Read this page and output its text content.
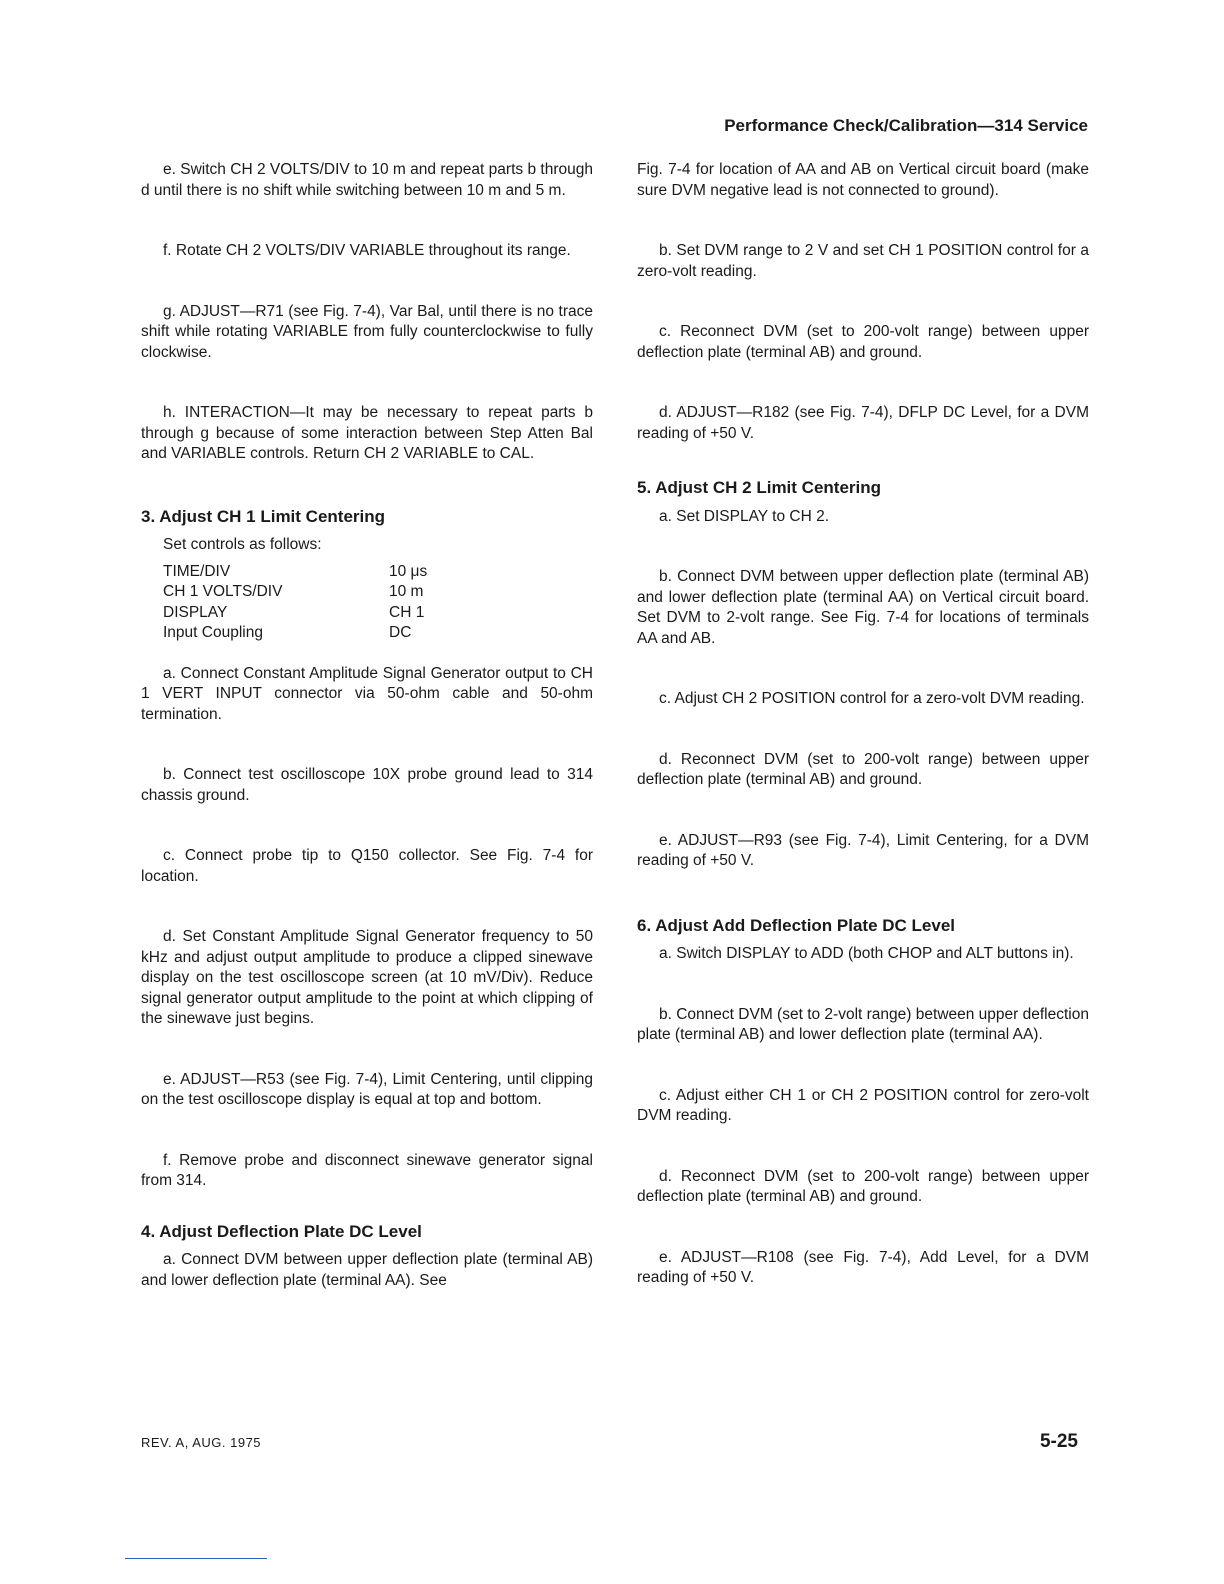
Performance Check/Calibration—314 Service

e. Switch CH 2 VOLTS/DIV to 10 m and repeat parts b through d until there is no shift while switching between 10 m and 5 m.

f. Rotate CH 2 VOLTS/DIV VARIABLE throughout its range.

g. ADJUST—R71 (see Fig. 7-4), Var Bal, until there is no trace shift while rotating VARIABLE from fully counterclockwise to fully clockwise.

h. INTERACTION—It may be necessary to repeat parts b through g because of some interaction between Step Atten Bal and VARIABLE controls. Return CH 2 VARIABLE to CAL.

3. Adjust CH 1 Limit Centering

Set controls as follows:

TIME/DIV	10 μs
CH 1 VOLTS/DIV	10 m
DISPLAY	CH 1
Input Coupling	DC

a. Connect Constant Amplitude Signal Generator output to CH 1 VERT INPUT connector via 50-ohm cable and 50-ohm termination.

b. Connect test oscilloscope 10X probe ground lead to 314 chassis ground.

c. Connect probe tip to Q150 collector. See Fig. 7-4 for location.

d. Set Constant Amplitude Signal Generator frequency to 50 kHz and adjust output amplitude to produce a clipped sinewave display on the test oscilloscope screen (at 10 mV/Div). Reduce signal generator output amplitude to the point at which clipping of the sinewave just begins.

e. ADJUST—R53 (see Fig. 7-4), Limit Centering, until clipping on the test oscilloscope display is equal at top and bottom.

f. Remove probe and disconnect sinewave generator signal from 314.

4. Adjust Deflection Plate DC Level

a. Connect DVM between upper deflection plate (terminal AB) and lower deflection plate (terminal AA). See

Fig. 7-4 for location of AA and AB on Vertical circuit board (make sure DVM negative lead is not connected to ground).

b. Set DVM range to 2 V and set CH 1 POSITION control for a zero-volt reading.

c. Reconnect DVM (set to 200-volt range) between upper deflection plate (terminal AB) and ground.

d. ADJUST—R182 (see Fig. 7-4), DFLP DC Level, for a DVM reading of +50 V.

5. Adjust CH 2 Limit Centering

a. Set DISPLAY to CH 2.

b. Connect DVM between upper deflection plate (terminal AB) and lower deflection plate (terminal AA) on Vertical circuit board. Set DVM to 2-volt range. See Fig. 7-4 for locations of terminals AA and AB.

c. Adjust CH 2 POSITION control for a zero-volt DVM reading.

d. Reconnect DVM (set to 200-volt range) between upper deflection plate (terminal AB) and ground.

e. ADJUST—R93 (see Fig. 7-4), Limit Centering, for a DVM reading of +50 V.

6. Adjust Add Deflection Plate DC Level

a. Switch DISPLAY to ADD (both CHOP and ALT buttons in).

b. Connect DVM (set to 2-volt range) between upper deflection plate (terminal AB) and lower deflection plate (terminal AA).

c. Adjust either CH 1 or CH 2 POSITION control for zero-volt DVM reading.

d. Reconnect DVM (set to 200-volt range) between upper deflection plate (terminal AB) and ground.

e. ADJUST—R108 (see Fig. 7-4), Add Level, for a DVM reading of +50 V.

REV. A, AUG. 1975	5-25
